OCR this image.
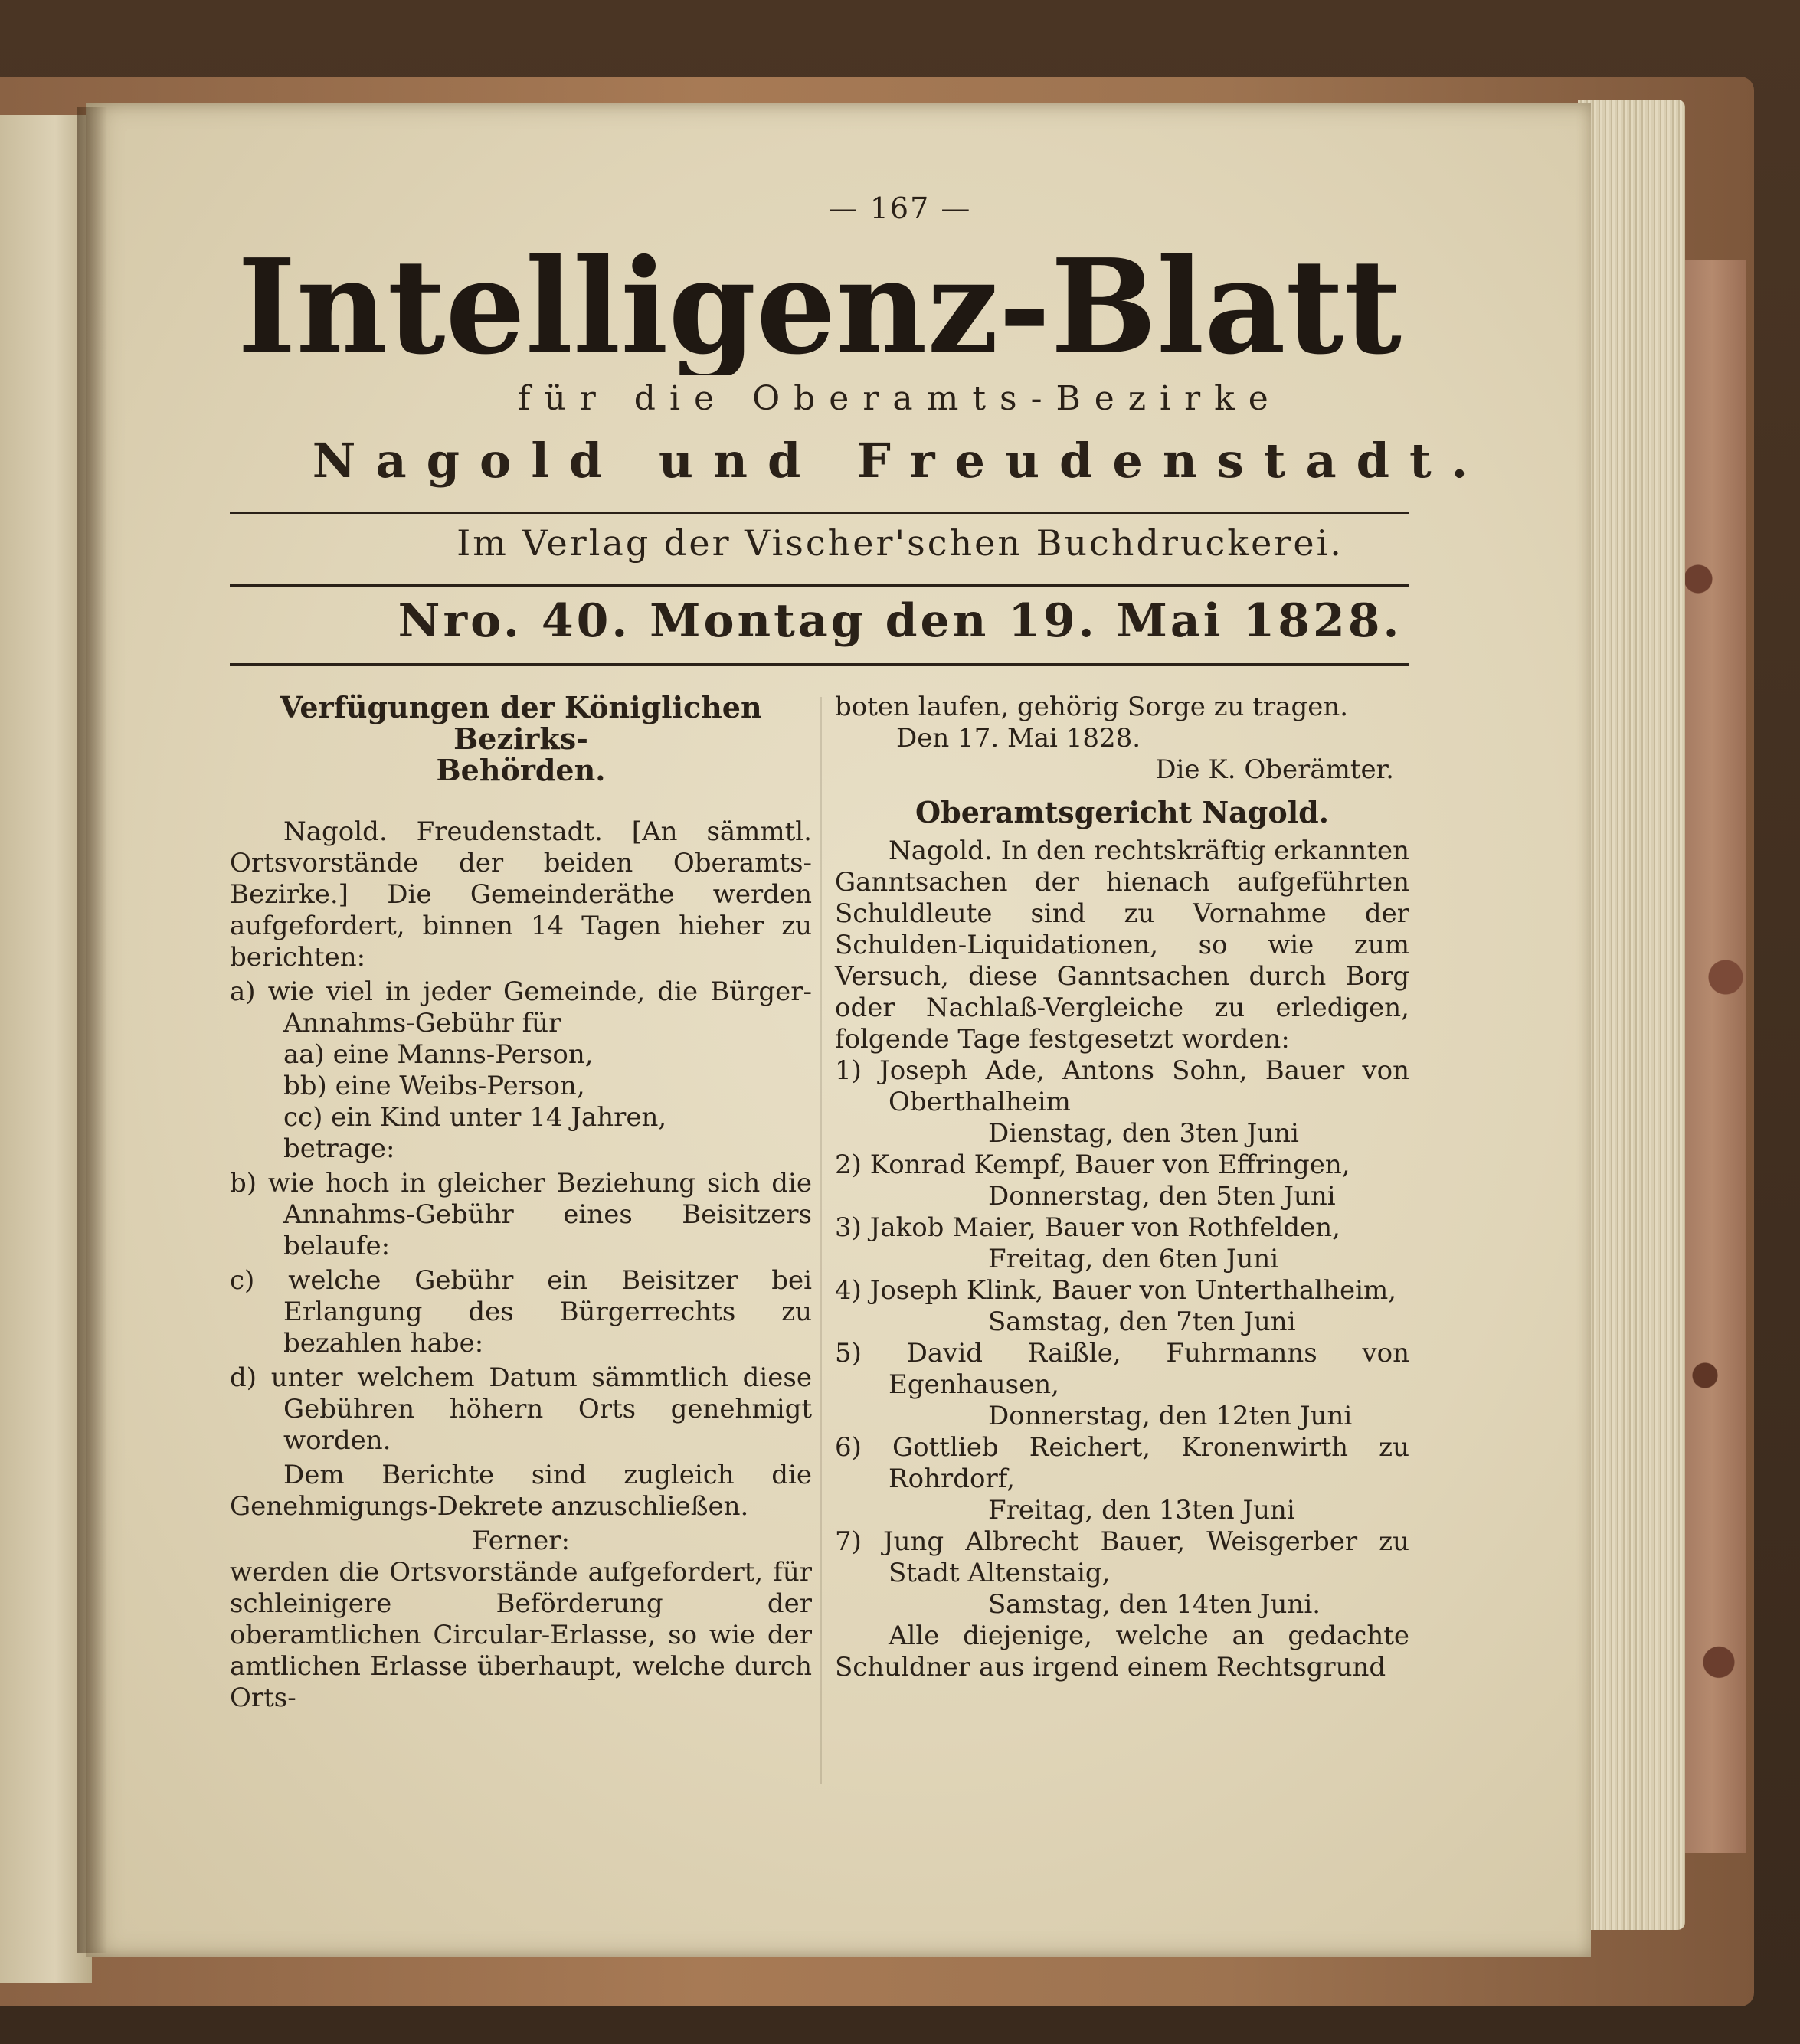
— 167 —
Intelligenz-Blatt
für die Oberamts-Bezirke
Nagold und Freudenstadt.
Im Verlag der Vischer'schen Buchdruckerei.
Nro. 40. Montag den 19. Mai 1828.

Verfügungen der Königlichen Bezirks-

Behörden.

Nagold. Freudenstadt. [An sämmtl. Ortsvorstände der beiden Oberamts-Bezirke.] Die Gemeinderäthe werden aufgefordert, binnen 14 Tagen hieher zu berichten:

a) wie viel in jeder Gemeinde, die Bürger-Annahms-Gebühr für

aa) eine Manns-Person,

bb) eine Weibs-Person,

cc) ein Kind unter 14 Jahren,

betrage:

b) wie hoch in gleicher Beziehung sich die Annahms-Gebühr eines Beisitzers belaufe:

c) welche Gebühr ein Beisitzer bei Erlangung des Bürgerrechts zu bezahlen habe:

d) unter welchem Datum sämmtlich diese Gebühren höhern Orts genehmigt worden.

Dem Berichte sind zugleich die Genehmigungs-Dekrete anzuschließen.

Ferner:

werden die Ortsvorstände aufgefordert, für schleinigere Beförderung der oberamtlichen Circular-Erlasse, so wie der amtlichen Erlasse überhaupt, welche durch Orts-

boten laufen, gehörig Sorge zu tragen.

Den 17. Mai 1828.

Die K. Oberämter.

Oberamtsgericht Nagold.

Nagold. In den rechtskräftig erkannten Ganntsachen der hienach aufgeführten Schuldleute sind zu Vornahme der Schulden-Liquidationen, so wie zum Versuch, diese Ganntsachen durch Borg oder Nachlaß-Vergleiche zu erledigen, folgende Tage festgesetzt worden:

1) Joseph Ade, Antons Sohn, Bauer von Oberthalheim

Dienstag, den 3ten Juni

2) Konrad Kempf, Bauer von Effringen,

Donnerstag, den 5ten Juni

3) Jakob Maier, Bauer von Rothfelden,

Freitag, den 6ten Juni

4) Joseph Klink, Bauer von Unterthalheim,

Samstag, den 7ten Juni

5) David Raißle, Fuhrmanns von Egenhausen,

Donnerstag, den 12ten Juni

6) Gottlieb Reichert, Kronenwirth zu Rohrdorf,

Freitag, den 13ten Juni

7) Jung Albrecht Bauer, Weisgerber zu Stadt Altenstaig,

Samstag, den 14ten Juni.

Alle diejenige, welche an gedachte Schuldner aus irgend einem Rechtsgrund
